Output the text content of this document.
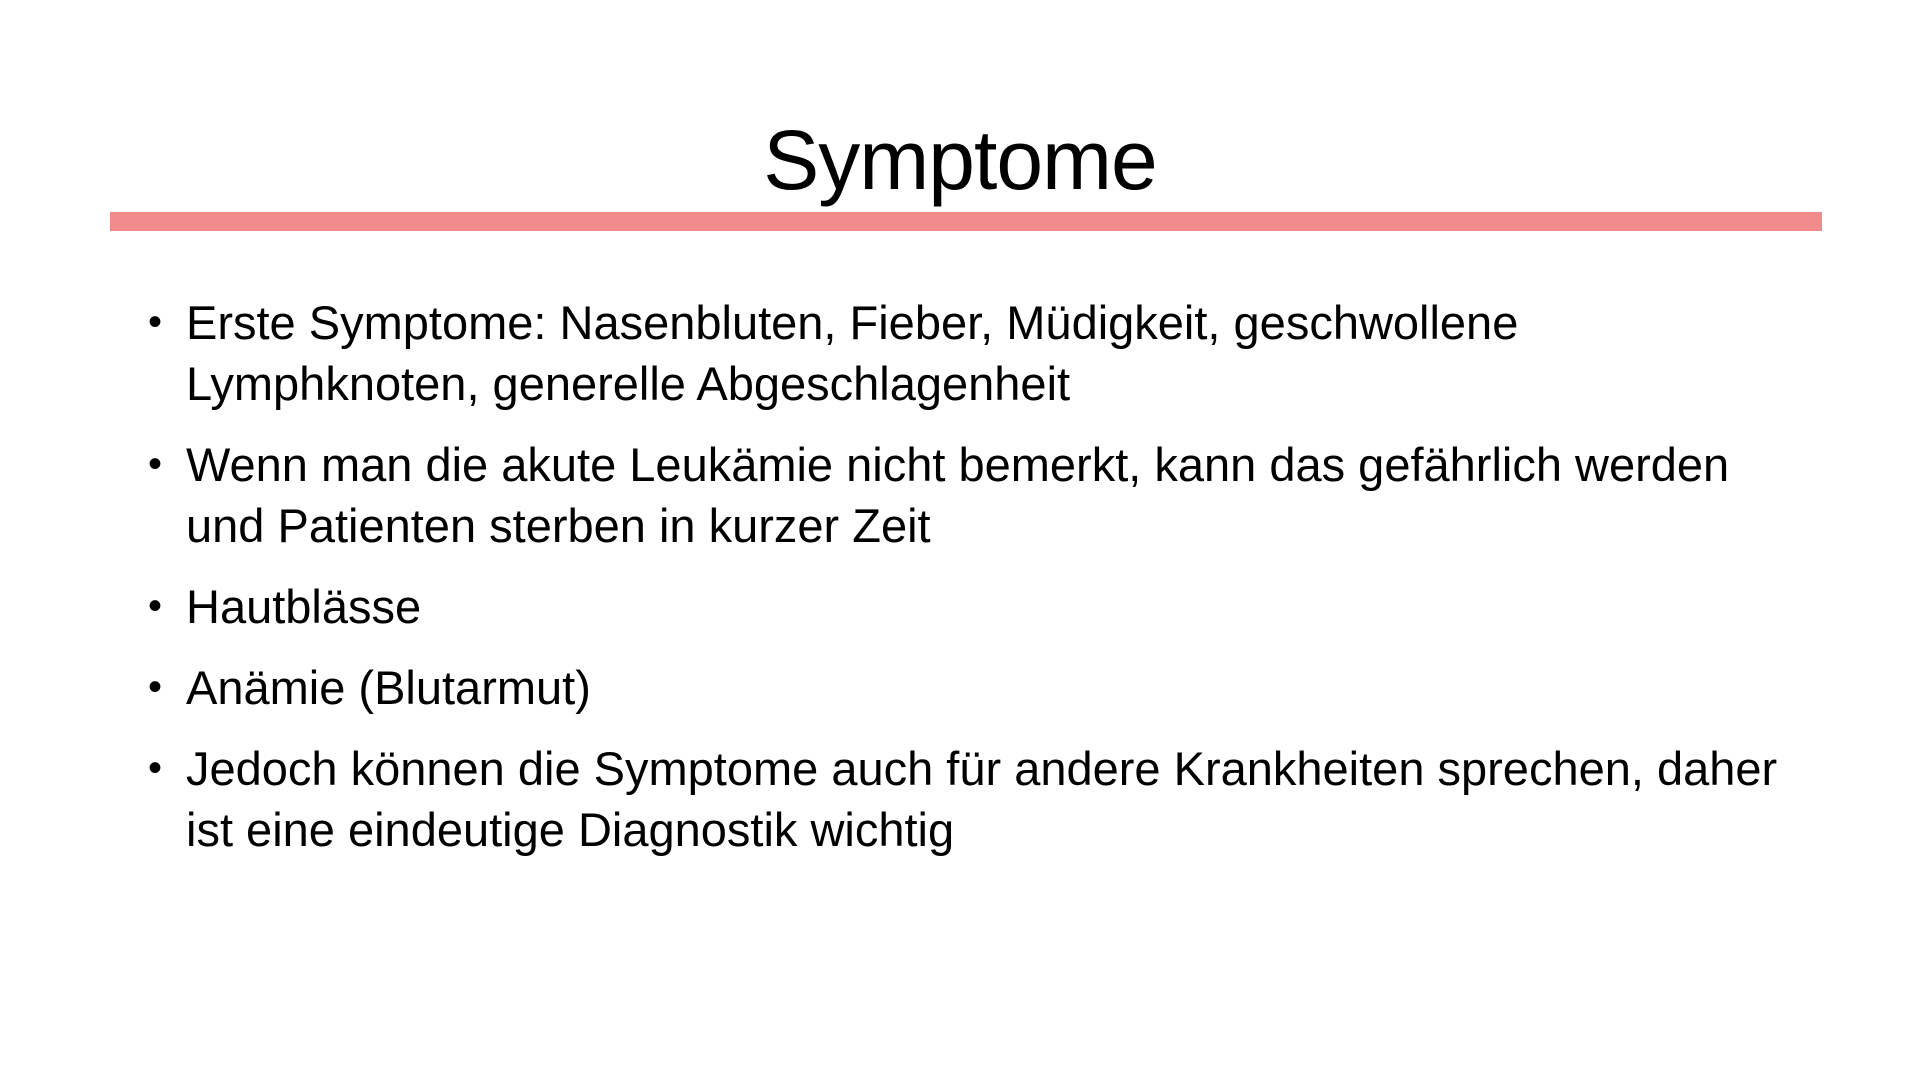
Symptome
• Erste Symptome: Nasenbluten, Fieber, Müdigkeit, geschwollene Lymphknoten, generelle Abgeschlagenheit
• Wenn man die akute Leukämie nicht bemerkt, kann das gefährlich werden und Patienten sterben in kurzer Zeit
• Hautblässe
• Anämie (Blutarmut)
• Jedoch können die Symptome auch für andere Krankheiten sprechen, daher ist eine eindeutige Diagnostik wichtig
